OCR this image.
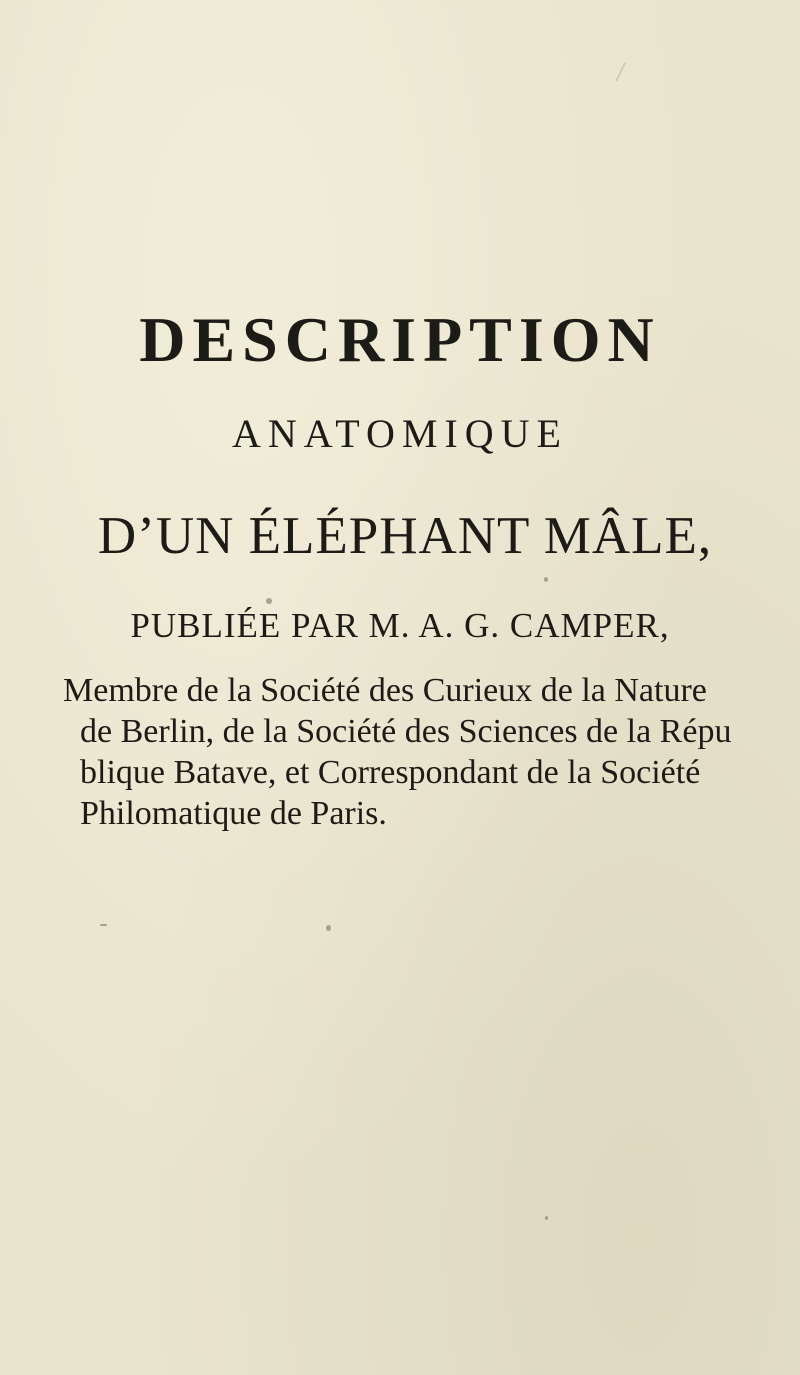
/
DESCRIPTION
ANATOMIQUE
D’UN ÉLÉPHANT MÂLE,
PUBLIÉE PAR M. A. G. CAMPER,
Membre de la Société des Curieux de la Nature
de Berlin, de la Société des Sciences de la Répu
blique Batave, et Correspondant de la Société
Philomatique de Paris.
